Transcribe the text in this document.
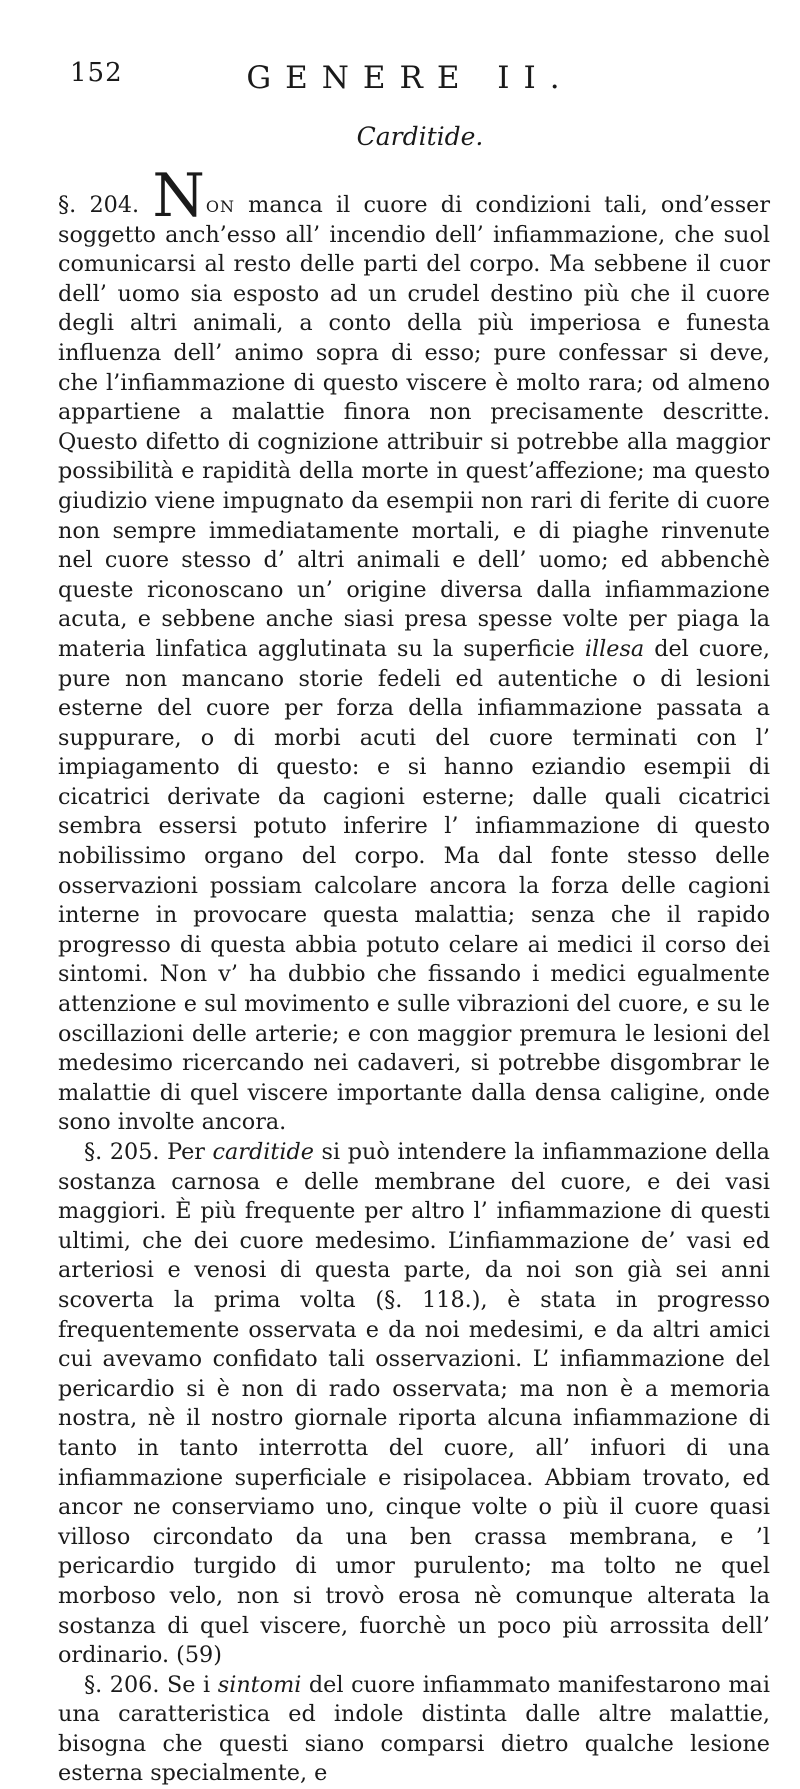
152	GENERE II.
Carditide.

§. 204. Non manca il cuore di condizioni tali, ond’esser soggetto anch’esso all’ incendio dell’ infiammazione, che suol comunicarsi al resto delle parti del corpo. Ma sebbene il cuor dell’ uomo sia esposto ad un crudel destino più che il cuore degli altri animali, a conto della più imperiosa e funesta influenza dell’ animo sopra di esso; pure confessar si deve, che l’infiammazione di questo viscere è molto rara; od almeno appartiene a malattie finora non precisamente descritte. Questo difetto di cognizione attribuir si potrebbe alla maggior possibilità e rapidità della morte in quest’affezione; ma questo giudizio viene impugnato da esempii non rari di ferite di cuore non sempre immediatamente mortali, e di piaghe rinvenute nel cuore stesso d’ altri animali e dell’ uomo; ed abbenchè queste riconoscano un’ origine diversa dalla infiammazione acuta, e sebbene anche siasi presa spesse volte per piaga la materia linfatica agglutinata su la superficie illesa del cuore, pure non mancano storie fedeli ed autentiche o di lesioni esterne del cuore per forza della infiammazione passata a suppurare, o di morbi acuti del cuore terminati con l’ impiagamento di questo: e si hanno eziandio esempii di cicatrici derivate da cagioni esterne; dalle quali cicatrici sembra essersi potuto inferire l’ infiammazione di questo nobilissimo organo del corpo. Ma dal fonte stesso delle osservazioni possiam calcolare ancora la forza delle cagioni interne in provocare questa malattia; senza che il rapido progresso di questa abbia potuto celare ai medici il corso dei sintomi. Non v’ ha dubbio che fissando i medici egualmente attenzione e sul movimento e sulle vibrazioni del cuore, e su le oscillazioni delle arterie; e con maggior premura le lesioni del medesimo ricercando nei cadaveri, si potrebbe disgombrar le malattie di quel viscere importante dalla densa caligine, onde sono involte ancora.

§. 205. Per carditide si può intendere la infiammazione della sostanza carnosa e delle membrane del cuore, e dei vasi maggiori. È più frequente per altro l’ infiammazione di questi ultimi, che dei cuore medesimo. L’infiammazione de’ vasi ed arteriosi e venosi di questa parte, da noi son già sei anni scoverta la prima volta (§. 118.), è stata in progresso frequentemente osservata e da noi medesimi, e da altri amici cui avevamo confidato tali osservazioni. L’ infiammazione del pericardio si è non di rado osservata; ma non è a memoria nostra, nè il nostro giornale riporta alcuna infiammazione di tanto in tanto interrotta del cuore, all’ infuori di una infiammazione superficiale e risipolacea. Abbiam trovato, ed ancor ne conserviamo uno, cinque volte o più il cuore quasi villoso circondato da una ben crassa membrana, e ’l pericardio turgido di umor purulento; ma tolto ne quel morboso velo, non si trovò erosa nè comunque alterata la sostanza di quel viscere, fuorchè un poco più arrossita dell’ ordinario. (59)

§. 206. Se i sintomi del cuore infiammato manifestarono mai una caratteristica ed indole distinta dalle altre malattie, bisogna che questi siano comparsi dietro qualche lesione esterna specialmente, e
